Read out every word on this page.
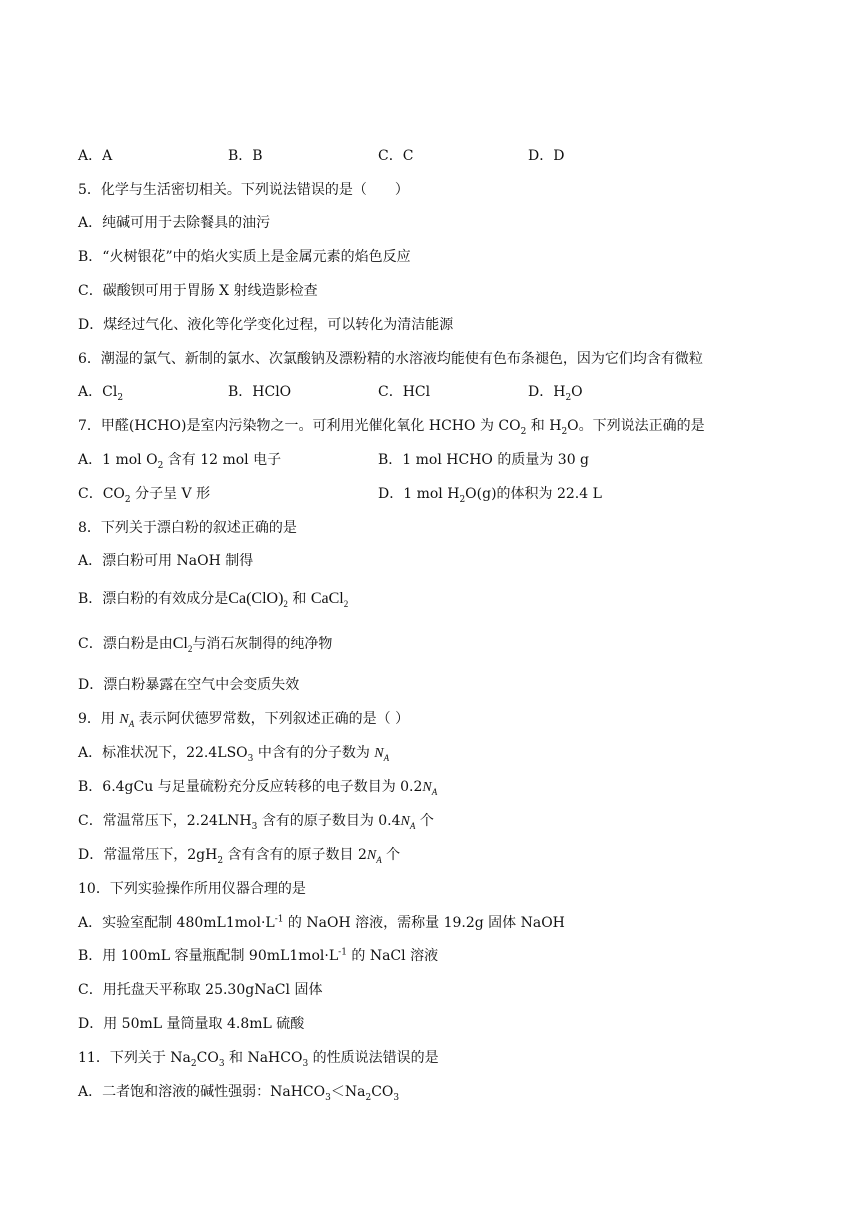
A．A	B．B	C．C	D．D
5．化学与生活密切相关。下列说法错误的是（　　）
A．纯碱可用于去除餐具的油污
B．“火树银花”中的焰火实质上是金属元素的焰色反应
C．碳酸钡可用于胃肠 X 射线造影检查
D．煤经过气化、液化等化学变化过程，可以转化为清洁能源
6．潮湿的氯气、新制的氯水、次氯酸钠及漂粉精的水溶液均能使有色布条褪色，因为它们均含有微粒
A．$Cl_2$	B．HClO	C．HCl	D．$H_2O$
7．甲醛(HCHO)是室内污染物之一。可利用光催化氧化 HCHO 为 $CO_2$ 和 $H_2O$。下列说法正确的是
A．1 mol $O_2$ 含有 12 mol 电子	B．1 mol HCHO 的质量为 30 g
C．$CO_2$ 分子呈 V 形	D．1 mol $H_2O(g)$的体积为 22.4 L
8．下列关于漂白粉的叙述正确的是
A．漂白粉可用 NaOH 制得
B．漂白粉的有效成分是$Ca(ClO)_2$ 和 CaCl$_2$
C．漂白粉是由$Cl_2$与消石灰制得的纯净物
D．漂白粉暴露在空气中会变质失效
9．用 $N_A$ 表示阿伏德罗常数，下列叙述正确的是（ ）
A．标准状况下，$22.4LSO_3$ 中含有的分子数为 $N_A$
B．6.4gCu 与足量硫粉充分反应转移的电子数目为 $0.2N_A$
C．常温常压下，$2.24LNH_3$ 含有的原子数目为 $0.4N_A$ 个
D．常温常压下，$2gH_2$ 含有含有的原子数目 $2N_A$ 个
10．下列实验操作所用仪器合理的是
A．实验室配制 $480mL1mol\cdot L^{-1}$ 的 NaOH 溶液，需称量 19.2g 固体 NaOH
B．用 100mL 容量瓶配制 $90mL1mol\cdot L^{-1}$ 的 NaCl 溶液
C．用托盘天平称取 25.30gNaCl 固体
D．用 50mL 量筒量取 4.8mL 硫酸
11．下列关于 $Na_2CO_3$ 和 NaHCO$_3$ 的性质说法错误的是
A．二者饱和溶液的碱性强弱：$NaHCO_3<Na_2CO_3$
